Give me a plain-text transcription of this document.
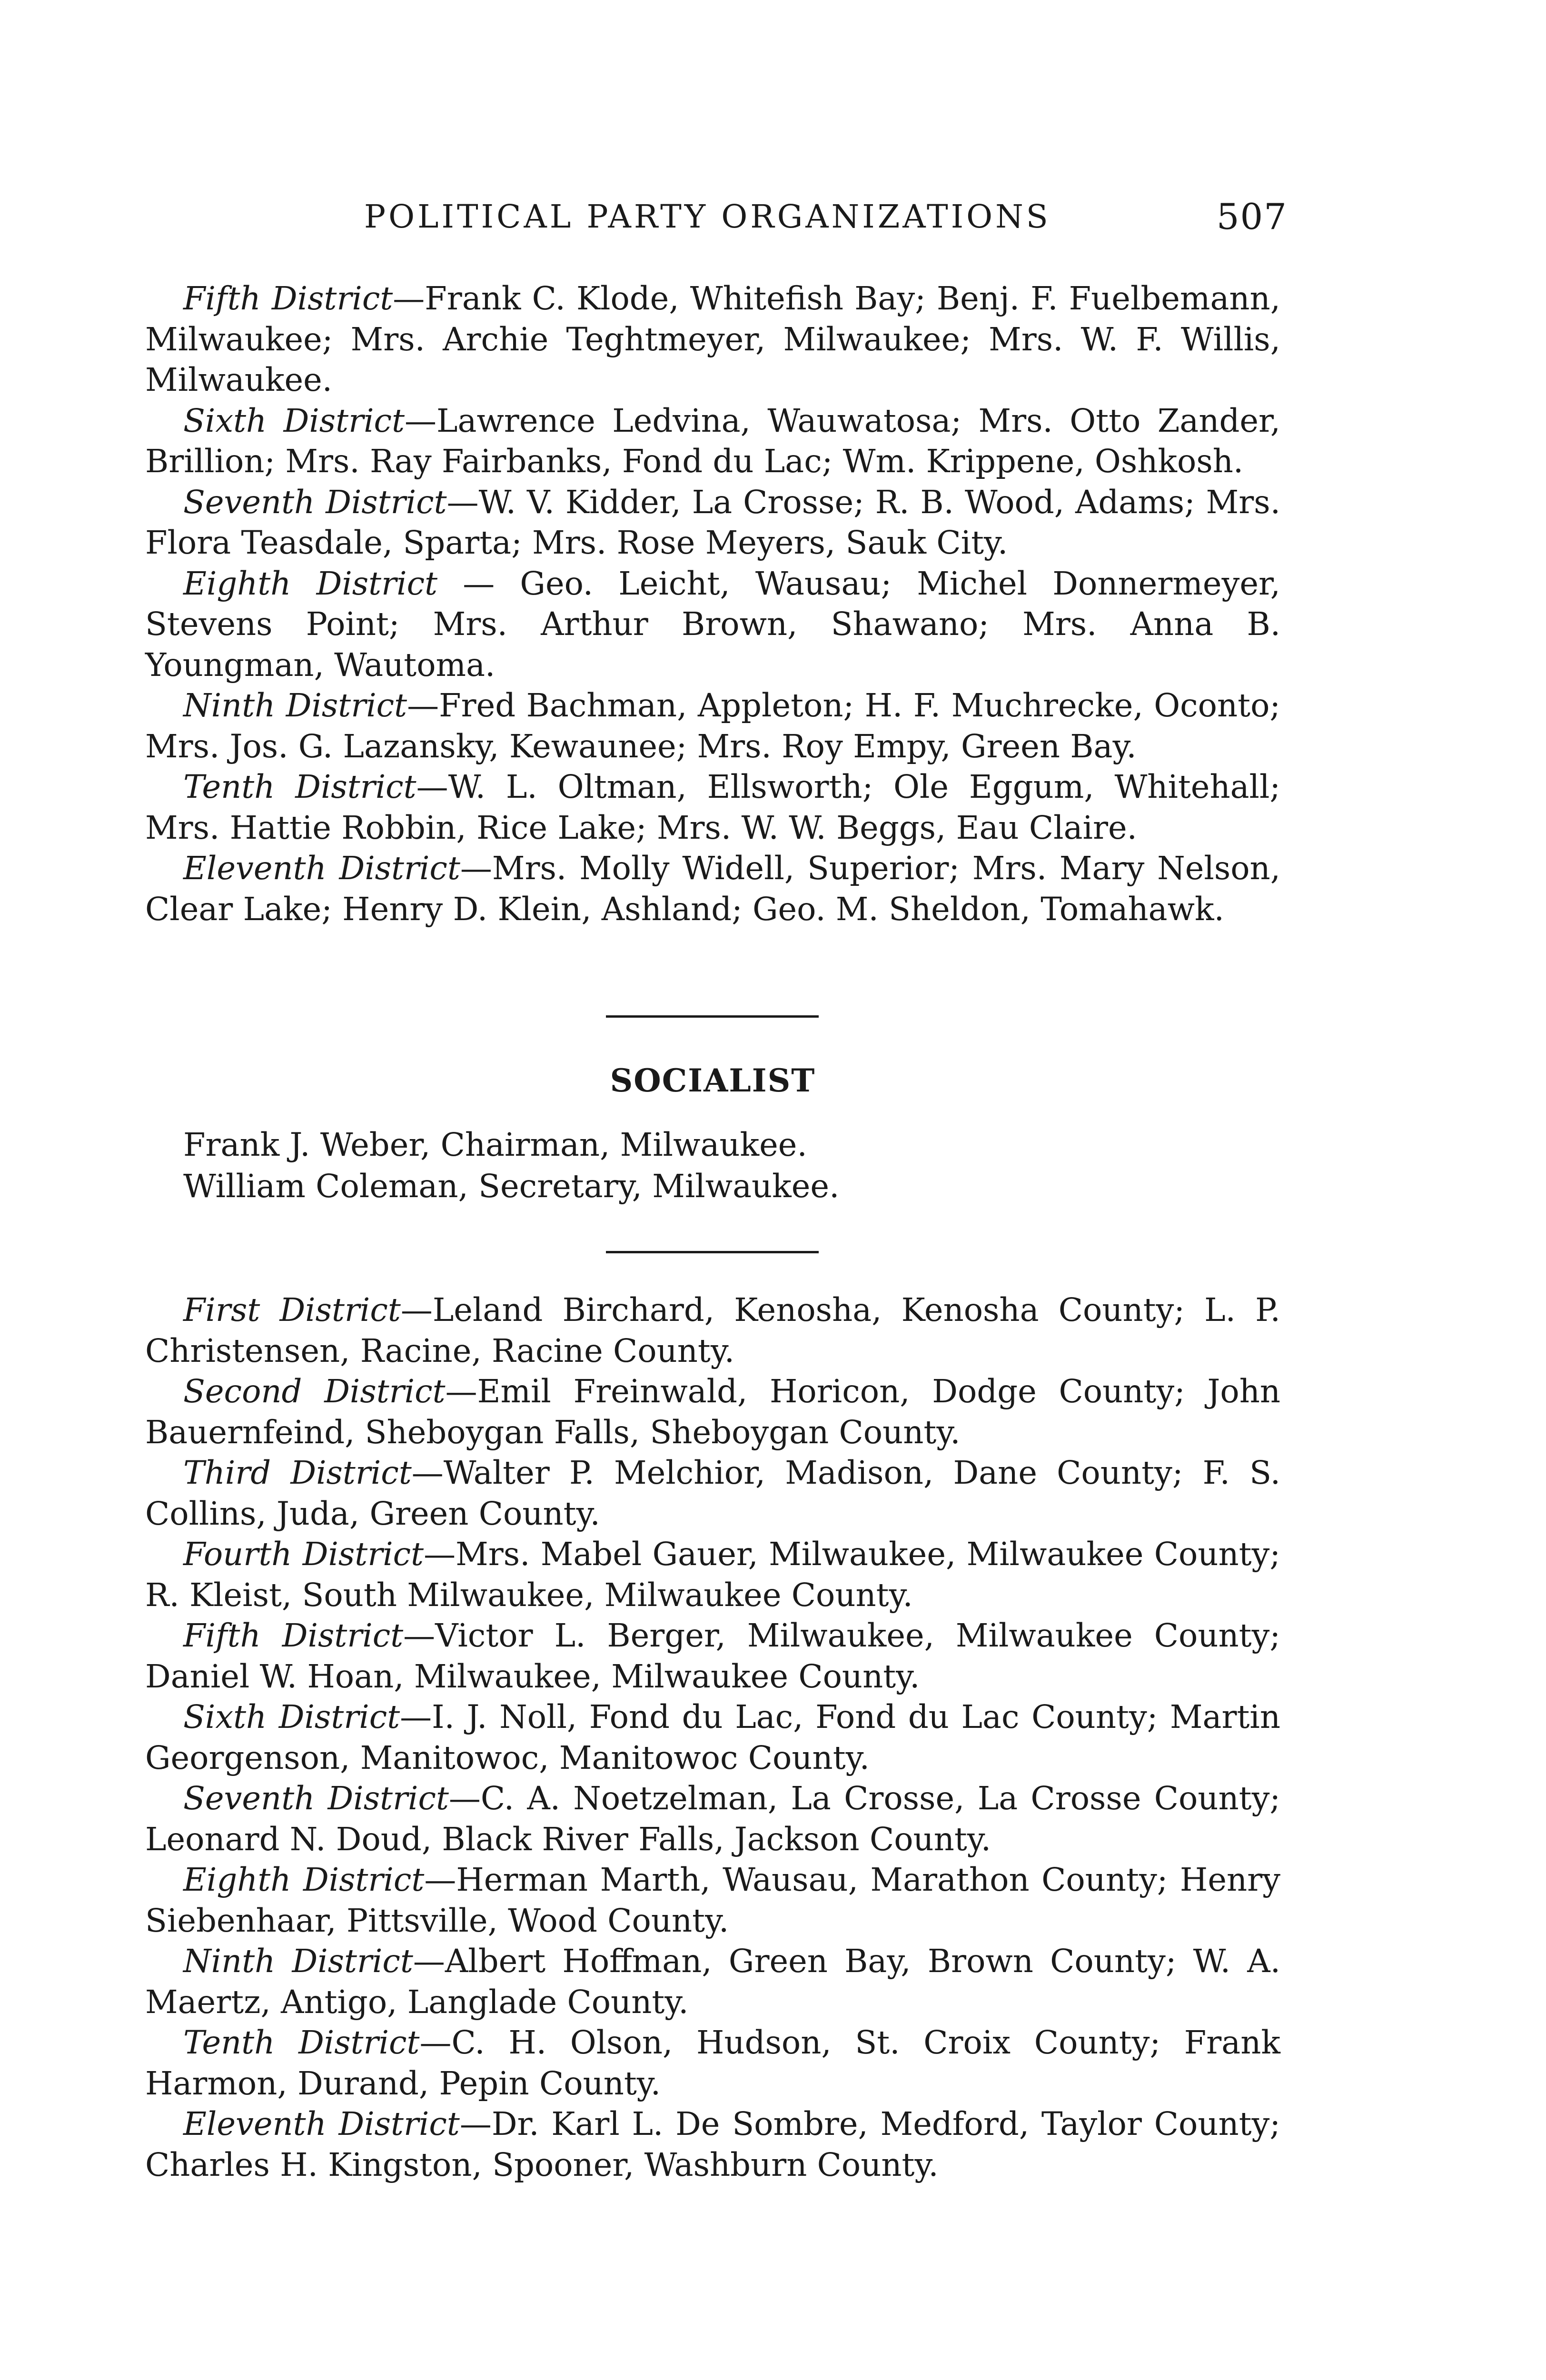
POLITICAL PARTY ORGANIZATIONS	507

Fifth District—Frank C. Klode, Whitefish Bay; Benj. F. Fuelbemann, Milwaukee; Mrs. Archie Teghtmeyer, Milwaukee; Mrs. W. F. Willis, Milwaukee.

Sixth District—Lawrence Ledvina, Wauwatosa; Mrs. Otto Zander, Brillion; Mrs. Ray Fairbanks, Fond du Lac; Wm. Krippene, Oshkosh.

Seventh District—W. V. Kidder, La Crosse; R. B. Wood, Adams; Mrs. Flora Teasdale, Sparta; Mrs. Rose Meyers, Sauk City.

Eighth District — Geo. Leicht, Wausau; Michel Donnermeyer, Stevens Point; Mrs. Arthur Brown, Shawano; Mrs. Anna B. Youngman, Wautoma.

Ninth District—Fred Bachman, Appleton; H. F. Muchrecke, Oconto; Mrs. Jos. G. Lazansky, Kewaunee; Mrs. Roy Empy, Green Bay.

Tenth District—W. L. Oltman, Ellsworth; Ole Eggum, Whitehall; Mrs. Hattie Robbin, Rice Lake; Mrs. W. W. Beggs, Eau Claire.

Eleventh District—Mrs. Molly Widell, Superior; Mrs. Mary Nelson, Clear Lake; Henry D. Klein, Ashland; Geo. M. Sheldon, Tomahawk.

SOCIALIST

Frank J. Weber, Chairman, Milwaukee.

William Coleman, Secretary, Milwaukee.

First District—Leland Birchard, Kenosha, Kenosha County; L. P. Christensen, Racine, Racine County.

Second District—Emil Freinwald, Horicon, Dodge County; John Bauernfeind, Sheboygan Falls, Sheboygan County.

Third District—Walter P. Melchior, Madison, Dane County; F. S. Collins, Juda, Green County.

Fourth District—Mrs. Mabel Gauer, Milwaukee, Milwaukee County; R. Kleist, South Milwaukee, Milwaukee County.

Fifth District—Victor L. Berger, Milwaukee, Milwaukee County; Daniel W. Hoan, Milwaukee, Milwaukee County.

Sixth District—I. J. Noll, Fond du Lac, Fond du Lac County; Martin Georgenson, Manitowoc, Manitowoc County.

Seventh District—C. A. Noetzelman, La Crosse, La Crosse County; Leonard N. Doud, Black River Falls, Jackson County.

Eighth District—Herman Marth, Wausau, Marathon County; Henry Siebenhaar, Pittsville, Wood County.

Ninth District—Albert Hoffman, Green Bay, Brown County; W. A. Maertz, Antigo, Langlade County.

Tenth District—C. H. Olson, Hudson, St. Croix County; Frank Harmon, Durand, Pepin County.

Eleventh District—Dr. Karl L. De Sombre, Medford, Taylor County; Charles H. Kingston, Spooner, Washburn County.
